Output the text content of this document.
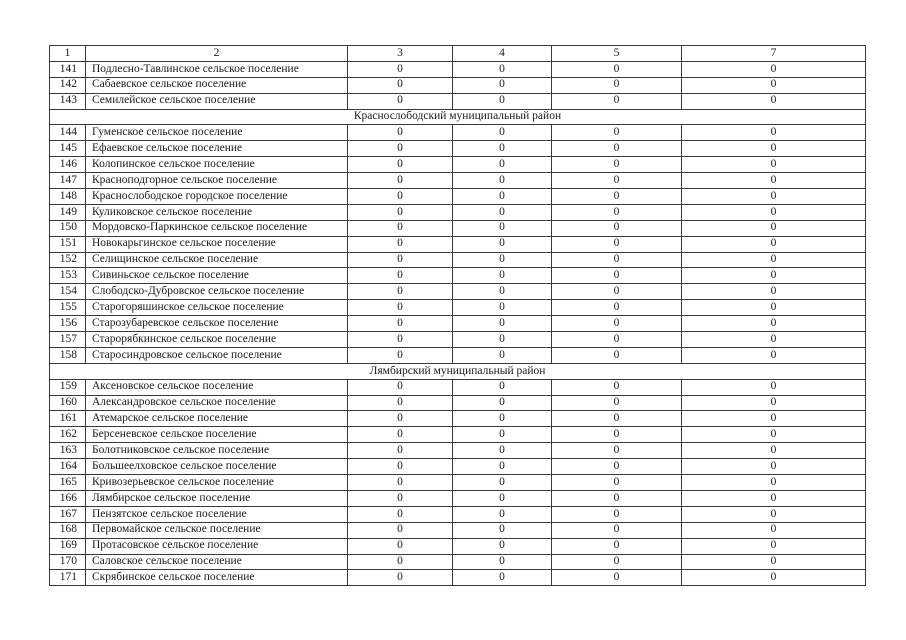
1	2	3	4	5	7
141	Подлесно-Тавлинское сельское поселение	0	0	0	0
142	Сабаевское сельское поселение	0	0	0	0
143	Семилейское сельское поселение	0	0	0	0
Краснослободский муниципальный район					
144	Гуменское сельское поселение	0	0	0	0
145	Ефаевское сельское поселение	0	0	0	0
146	Колопинское сельское поселение	0	0	0	0
147	Красноподгорное сельское поселение	0	0	0	0
148	Краснослободское городское поселение	0	0	0	0
149	Куликовское сельское поселение	0	0	0	0
150	Мордовско-Паркинское сельское поселение	0	0	0	0
151	Новокарьгинское сельское поселение	0	0	0	0
152	Селищинское сельское поселение	0	0	0	0
153	Сивиньское сельское поселение	0	0	0	0
154	Слободско-Дубровское сельское поселение	0	0	0	0
155	Старогоряшинское сельское поселение	0	0	0	0
156	Старозубаревское сельское поселение	0	0	0	0
157	Старорябкинское сельское поселение	0	0	0	0
158	Старосиндровское сельское поселение	0	0	0	0
Лямбирский муниципальный район					
159	Аксеновское сельское поселение	0	0	0	0
160	Александровское сельское поселение	0	0	0	0
161	Атемарское сельское поселение	0	0	0	0
162	Берсеневское сельское поселение	0	0	0	0
163	Болотниковское сельское поселение	0	0	0	0
164	Большеелховское сельское поселение	0	0	0	0
165	Кривозерьевское сельское поселение	0	0	0	0
166	Лямбирское сельское поселение	0	0	0	0
167	Пензятское сельское поселение	0	0	0	0
168	Первомайское сельское поселение	0	0	0	0
169	Протасовское сельское поселение	0	0	0	0
170	Саловское сельское поселение	0	0	0	0
171	Скрябинское сельское поселение	0	0	0	0
